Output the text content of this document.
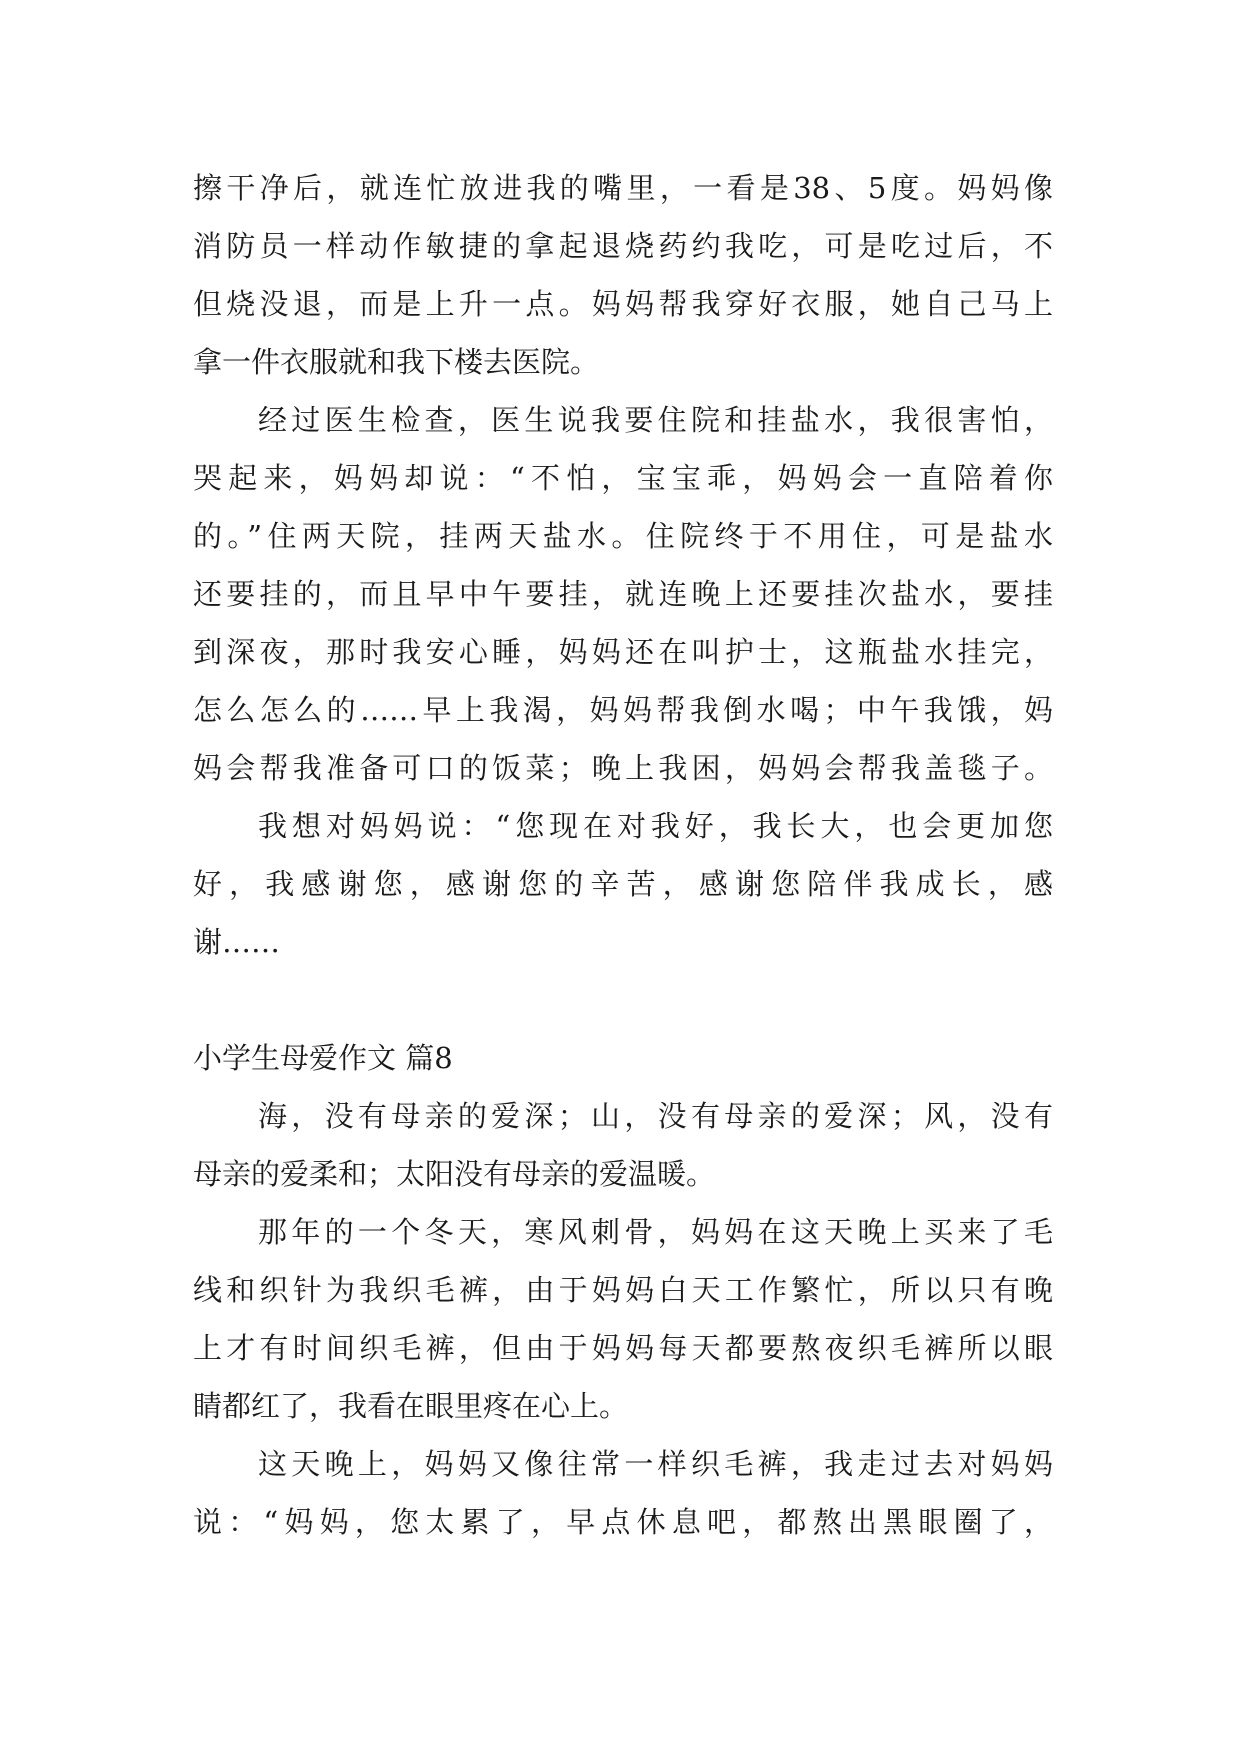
擦干净后，就连忙放进我的嘴里，一看是38、5度。妈妈像
消防员一样动作敏捷的拿起退烧药约我吃，可是吃过后，不
但烧没退，而是上升一点。妈妈帮我穿好衣服，她自己马上
拿一件衣服就和我下楼去医院。
经过医生检查，医生说我要住院和挂盐水，我很害怕，
哭起来，妈妈却说：“不怕，宝宝乖，妈妈会一直陪着你
的。”住两天院，挂两天盐水。住院终于不用住，可是盐水
还要挂的，而且早中午要挂，就连晚上还要挂次盐水，要挂
到深夜，那时我安心睡，妈妈还在叫护士，这瓶盐水挂完，
怎么怎么的……早上我渴，妈妈帮我倒水喝；中午我饿，妈
妈会帮我准备可口的饭菜；晚上我困，妈妈会帮我盖毯子。
我想对妈妈说：“您现在对我好，我长大，也会更加您
好，我感谢您，感谢您的辛苦，感谢您陪伴我成长，感
谢……
小学生母爱作文 篇8
海，没有母亲的爱深；山，没有母亲的爱深；风，没有
母亲的爱柔和；太阳没有母亲的爱温暖。
那年的一个冬天，寒风刺骨，妈妈在这天晚上买来了毛
线和织针为我织毛裤，由于妈妈白天工作繁忙，所以只有晚
上才有时间织毛裤，但由于妈妈每天都要熬夜织毛裤所以眼
睛都红了，我看在眼里疼在心上。
这天晚上，妈妈又像往常一样织毛裤，我走过去对妈妈
说：“妈妈，您太累了，早点休息吧，都熬出黑眼圈了，
